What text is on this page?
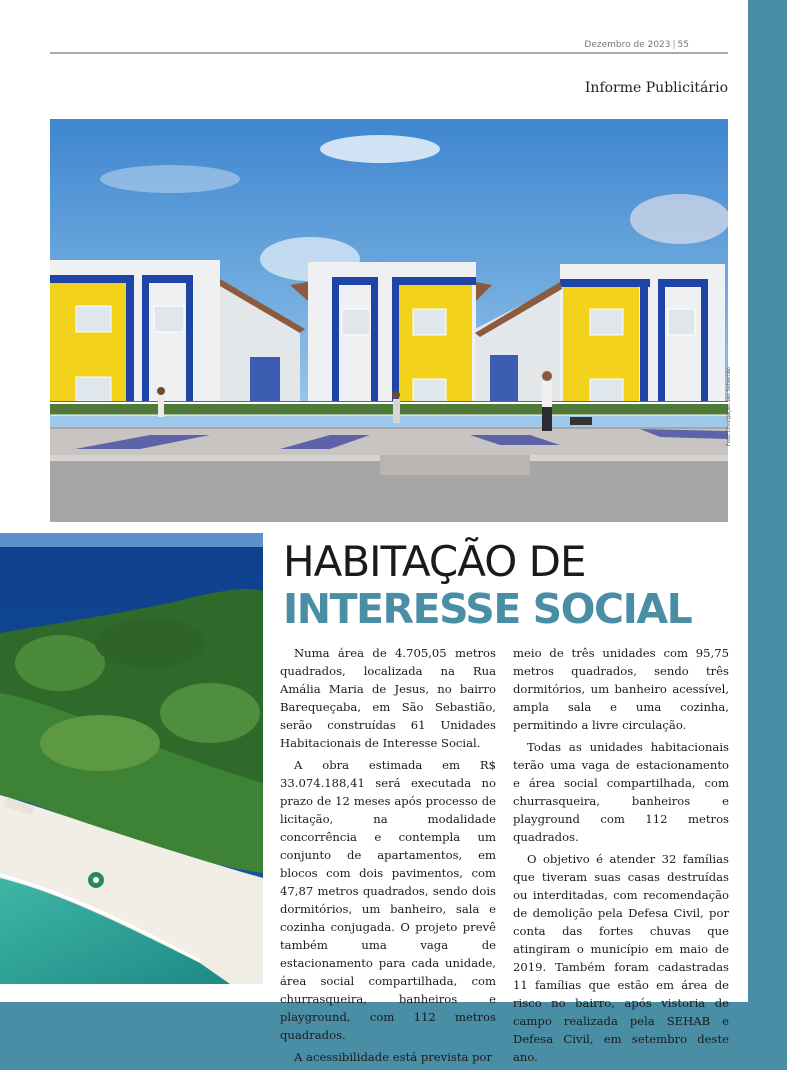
Dezembro de 2023 | 55
Informe Publicitário
Foto: Divulgação São Sebastião
HABITAÇÃO DE
INTERESSE SOCIAL

Numa área de 4.705,05 metros quadrados, localizada na Rua Amália Maria de Jesus, no bairro Barequeçaba, em São Sebastião, serão construídas 61 Unidades Habitacionais de Interesse Social.

A obra estimada em R$ 33.074.188,41 será executada no prazo de 12 meses após processo de licitação, na modalidade concorrência e contempla um conjunto de apartamentos, em blocos com dois pavimentos, com 47,87 metros quadrados, sendo dois dormitórios, um banheiro, sala e cozinha conjugada. O projeto prevê também uma vaga de estacionamento para cada unidade, área social compartilhada, com churrasqueira, banheiros e playground, com 112 metros quadrados.

A acessibilidade está prevista por

meio de três unidades com 95,75 metros quadrados, sendo três dormitórios, um banheiro acessível, ampla sala e uma cozinha, permitindo a livre circulação.

Todas as unidades habitacionais terão uma vaga de estacionamento e área social compartilhada, com churrasqueira, banheiros e playground com 112 metros quadrados.

O objetivo é atender 32 famílias que tiveram suas casas destruídas ou interditadas, com recomendação de demolição pela Defesa Civil, por conta das fortes chuvas que atingiram o município em maio de 2019. Também foram cadastradas 11 famílias que estão em área de risco no bairro, após vistoria de campo realizada pela SEHAB e Defesa Civil, em setembro deste ano.
